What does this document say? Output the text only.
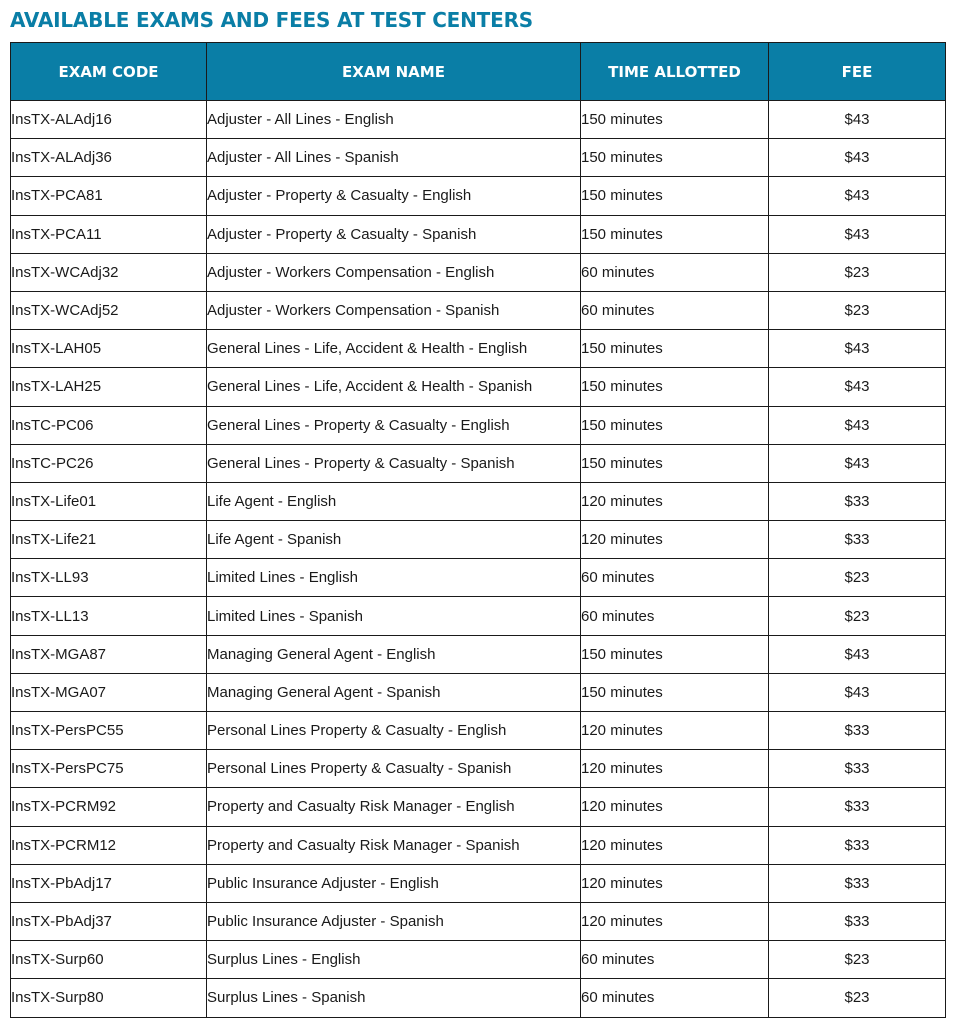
AVAILABLE EXAMS AND FEES AT TEST CENTERS
EXAM CODE	EXAM NAME	TIME ALLOTTED	FEE
InsTX-ALAdj16	Adjuster - All Lines - English	150 minutes	$43
InsTX-ALAdj36	Adjuster - All Lines - Spanish	150 minutes	$43
InsTX-PCA81	Adjuster - Property & Casualty - English	150 minutes	$43
InsTX-PCA11	Adjuster - Property & Casualty - Spanish	150 minutes	$43
InsTX-WCAdj32	Adjuster - Workers Compensation - English	60 minutes	$23
InsTX-WCAdj52	Adjuster - Workers Compensation - Spanish	60 minutes	$23
InsTX-LAH05	General Lines - Life, Accident & Health - English	150 minutes	$43
InsTX-LAH25	General Lines - Life, Accident & Health - Spanish	150 minutes	$43
InsTC-PC06	General Lines - Property & Casualty - English	150 minutes	$43
InsTC-PC26	General Lines - Property & Casualty - Spanish	150 minutes	$43
InsTX-Life01	Life Agent - English	120 minutes	$33
InsTX-Life21	Life Agent - Spanish	120 minutes	$33
InsTX-LL93	Limited Lines - English	60 minutes	$23
InsTX-LL13	Limited Lines - Spanish	60 minutes	$23
InsTX-MGA87	Managing General Agent - English	150 minutes	$43
InsTX-MGA07	Managing General Agent - Spanish	150 minutes	$43
InsTX-PersPC55	Personal Lines Property & Casualty - English	120 minutes	$33
InsTX-PersPC75	Personal Lines Property & Casualty - Spanish	120 minutes	$33
InsTX-PCRM92	Property and Casualty Risk Manager - English	120 minutes	$33
InsTX-PCRM12	Property and Casualty Risk Manager - Spanish	120 minutes	$33
InsTX-PbAdj17	Public Insurance Adjuster - English	120 minutes	$33
InsTX-PbAdj37	Public Insurance Adjuster - Spanish	120 minutes	$33
InsTX-Surp60	Surplus Lines - English	60 minutes	$23
InsTX-Surp80	Surplus Lines - Spanish	60 minutes	$23
